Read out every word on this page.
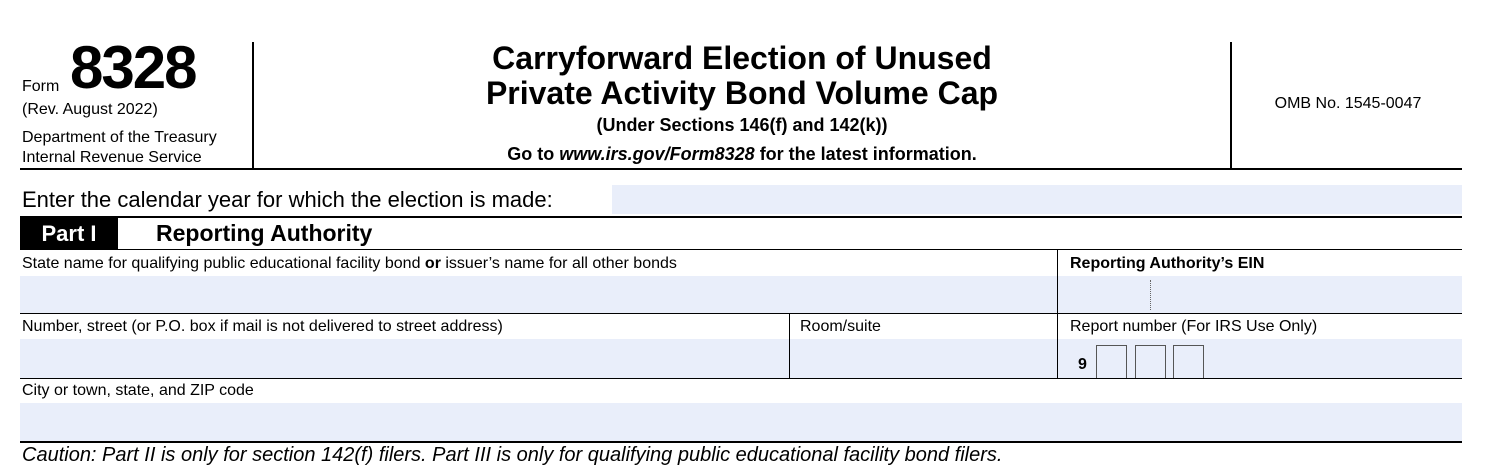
Form 8328
(Rev. August 2022)
Department of the Treasury
Internal Revenue Service
Carryforward Election of Unused
Private Activity Bond Volume Cap
(Under Sections 146(f) and 142(k))
Go to www.irs.gov/Form8328 for the latest information.
OMB No. 1545-0047
Enter the calendar year for which the election is made:
Part I	Reporting Authority
State name for qualifying public educational facility bond or issuer’s name for all other bonds	Reporting Authority’s EIN
Number, street (or P.O. box if mail is not delivered to street address)	Room/suite	Report number (For IRS Use Only)
9
City or town, state, and ZIP code
Caution: Part II is only for section 142(f) filers. Part III is only for qualifying public educational facility bond filers.
